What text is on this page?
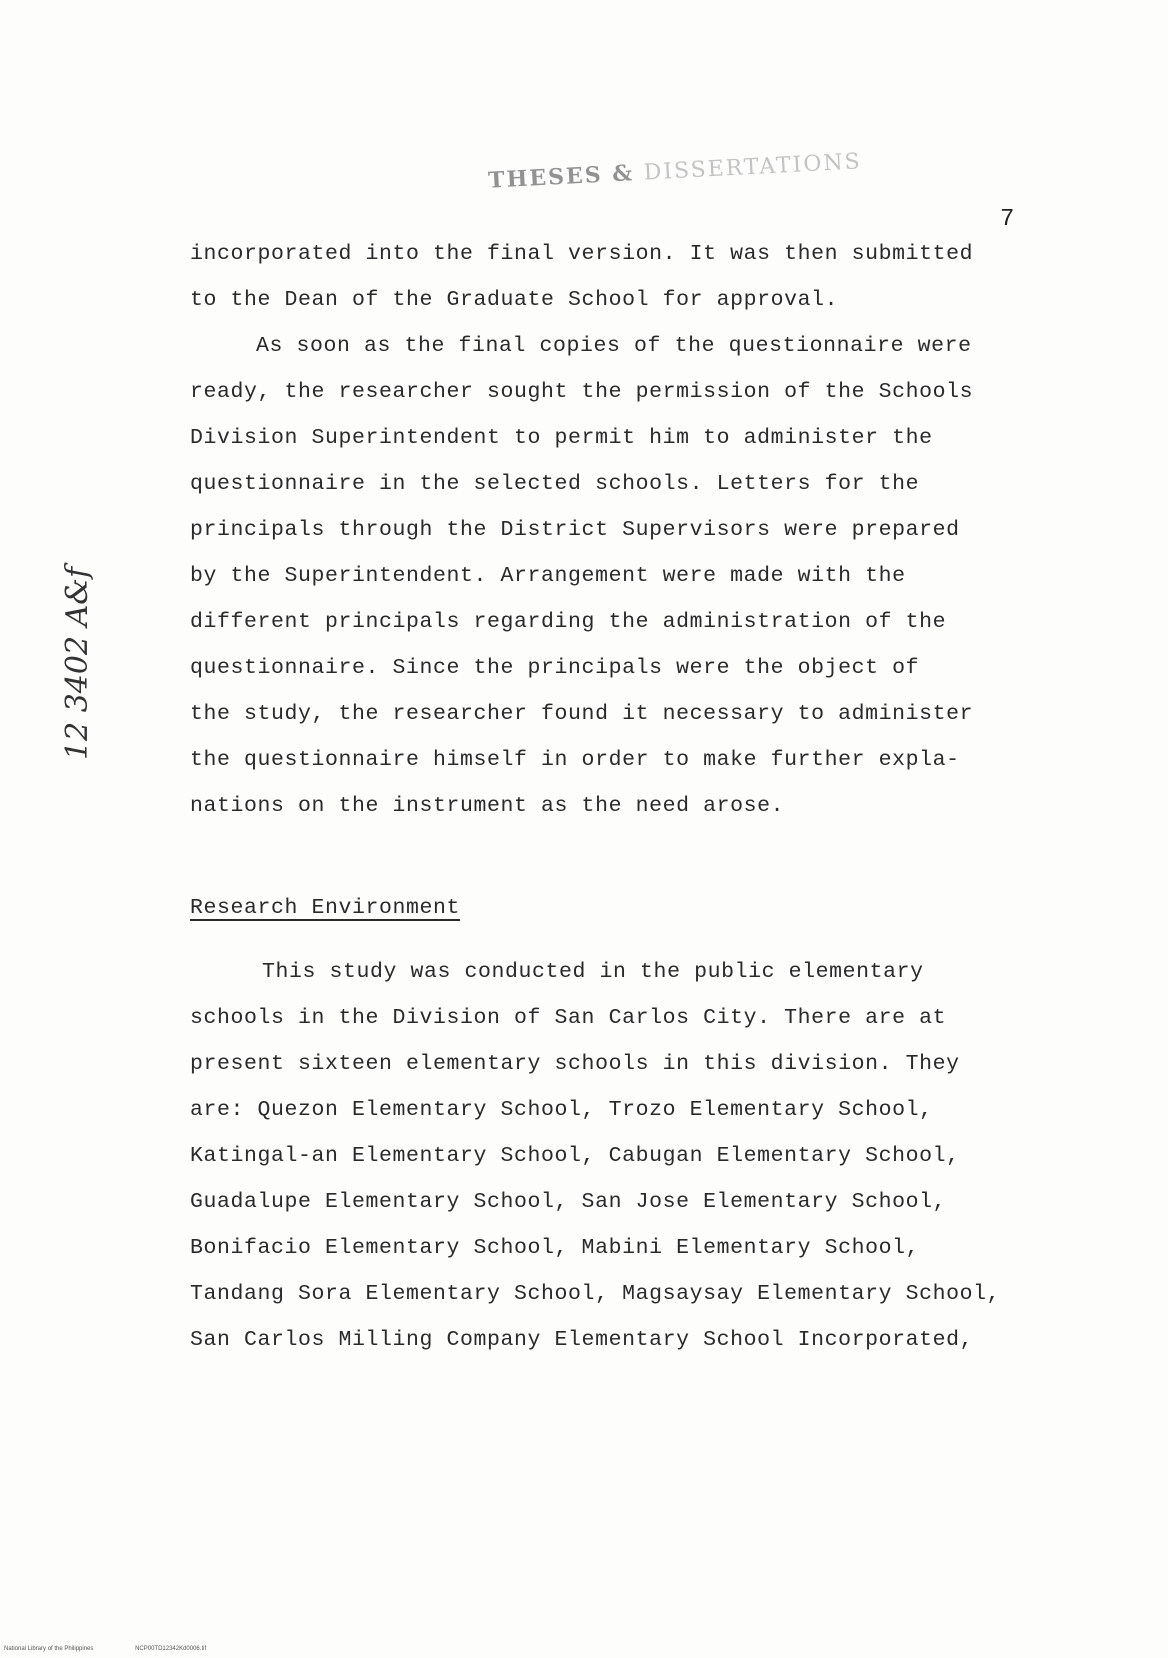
THESES & DISSERTATIONS
7
12 3402 A&f
incorporated into the final version. It was then submitted
to the Dean of the Graduate School for approval.
As soon as the final copies of the questionnaire were
ready, the researcher sought the permission of the Schools
Division Superintendent to permit him to administer the
questionnaire in the selected schools. Letters for the
principals through the District Supervisors were prepared
by the Superintendent. Arrangement were made with the
different principals regarding the administration of the
questionnaire. Since the principals were the object of
the study, the researcher found it necessary to administer
the questionnaire himself in order to make further expla-
nations on the instrument as the need arose.
Research Environment
This study was conducted in the public elementary
schools in the Division of San Carlos City. There are at
present sixteen elementary schools in this division. They
are: Quezon Elementary School, Trozo Elementary School,
Katingal-an Elementary School, Cabugan Elementary School,
Guadalupe Elementary School, San Jose Elementary School,
Bonifacio Elementary School, Mabini Elementary School,
Tandang Sora Elementary School, Magsaysay Elementary School,
San Carlos Milling Company Elementary School Incorporated,
National Library of the Philippines	NCP00TD12342Kd0006.tif
